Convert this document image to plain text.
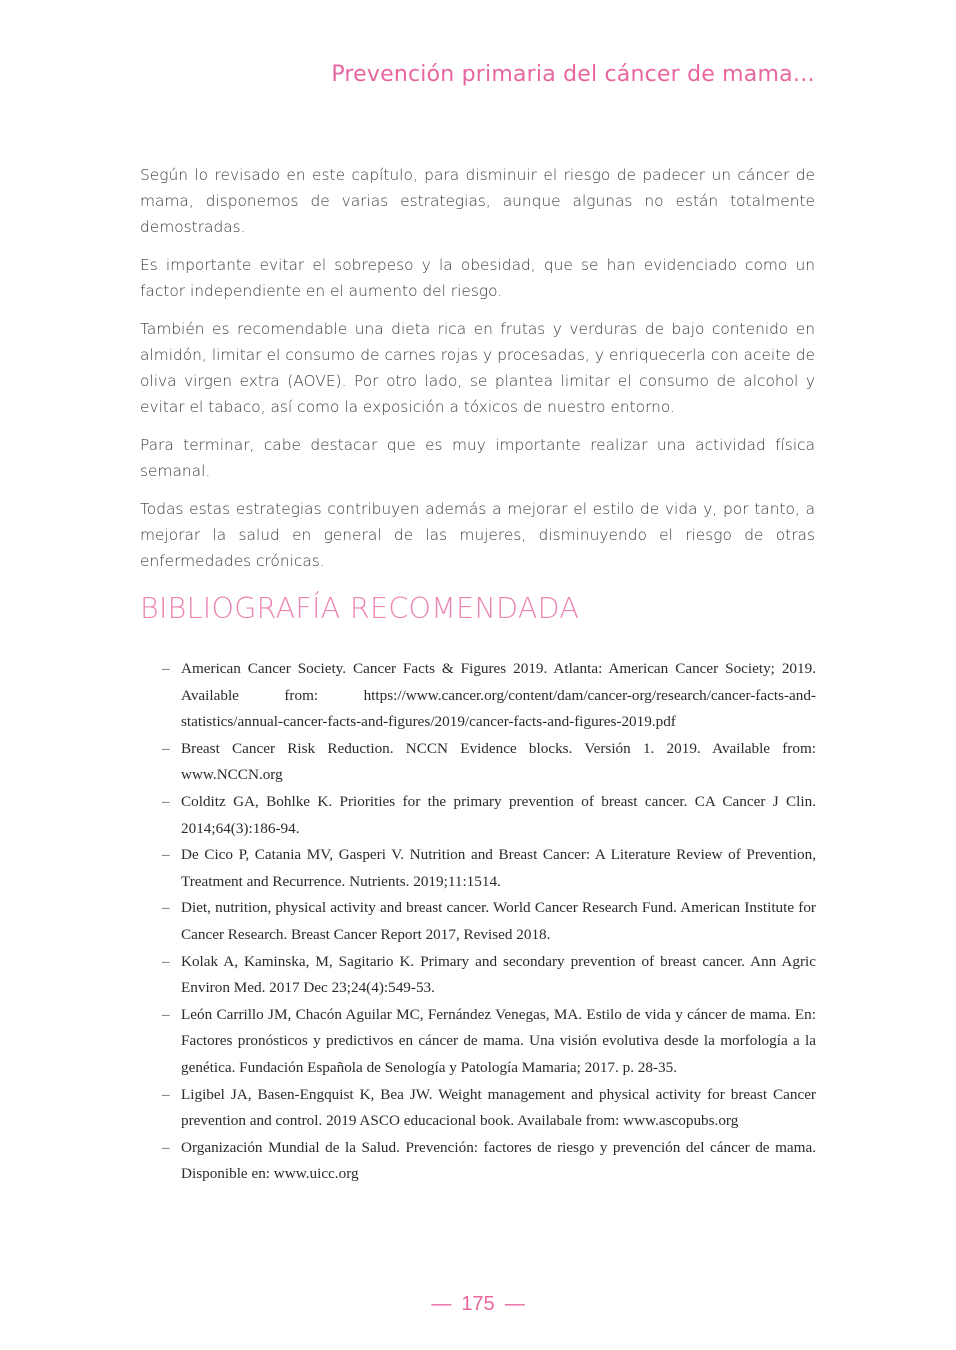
Prevención primaria del cáncer de mama…

Según lo revisado en este capítulo, para disminuir el riesgo de padecer un cáncer de mama, disponemos de varias estrategias, aunque algunas no están totalmente demostradas.

Es importante evitar el sobrepeso y la obesidad, que se han evidenciado como un factor independiente en el aumento del riesgo.

También es recomendable una dieta rica en frutas y verduras de bajo contenido en almidón, limitar el consumo de carnes rojas y procesadas, y enriquecerla con aceite de oliva virgen extra (AOVE). Por otro lado, se plantea limitar el consumo de alcohol y evitar el tabaco, así como la exposición a tóxicos de nuestro entorno.

Para terminar, cabe destacar que es muy importante realizar una actividad física semanal.

Todas estas estrategias contribuyen además a mejorar el estilo de vida y, por tanto, a mejorar la salud en general de las mujeres, disminuyendo el riesgo de otras enfermedades crónicas.

BIBLIOGRAFÍA RECOMENDADA
– American Cancer Society. Cancer Facts & Figures 2019. Atlanta: American Cancer Society; 2019. Available from: https://www.cancer.org/content/dam/cancer-org/research/cancer-facts-and-statistics/annual-cancer-facts-and-figures/2019/cancer-facts-and-figures-2019.pdf
– Breast Cancer Risk Reduction. NCCN Evidence blocks. Versión 1. 2019. Available from: www.NCCN.org
– Colditz GA, Bohlke K. Priorities for the primary prevention of breast cancer. CA Cancer J Clin. 2014;64(3):186-94.
– De Cico P, Catania MV, Gasperi V. Nutrition and Breast Cancer: A Literature Review of Prevention, Treatment and Recurrence. Nutrients. 2019;11:1514.
– Diet, nutrition, physical activity and breast cancer. World Cancer Research Fund. American Institute for Cancer Research. Breast Cancer Report 2017, Revised 2018.
– Kolak A, Kaminska, M, Sagitario K. Primary and secondary prevention of breast cancer. Ann Agric Environ Med. 2017 Dec 23;24(4):549-53.
– León Carrillo JM, Chacón Aguilar MC, Fernández Venegas, MA. Estilo de vida y cáncer de mama. En: Factores pronósticos y predictivos en cáncer de mama. Una visión evolutiva desde la morfología a la genética. Fundación Española de Senología y Patología Mamaria; 2017. p. 28-35.
– Ligibel JA, Basen-Engquist K, Bea JW. Weight management and physical activity for breast Cancer prevention and control. 2019 ASCO educacional book. Availabale from: www.ascopubs.org
– Organización Mundial de la Salud. Prevención: factores de riesgo y prevención del cáncer de mama. Disponible en: www.uicc.org
— 175 —
